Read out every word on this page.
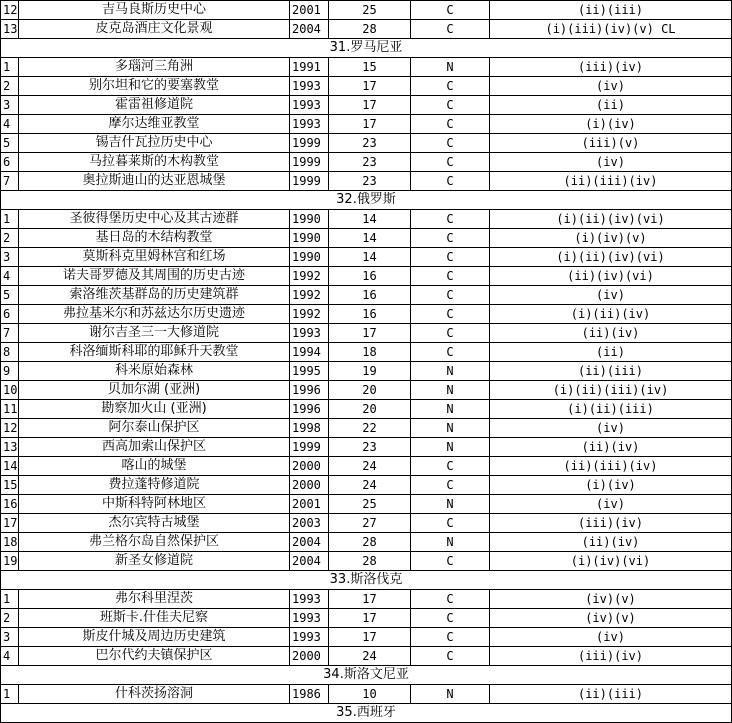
12	吉马良斯历史中心	2001	25	C	(ii)(iii)
13	皮克岛酒庄文化景观	2004	28	C	(i)(iii)(iv)(v) CL
31.罗马尼亚					
1	多瑙河三角洲	1991	15	N	(iii)(iv)
2	别尔坦和它的要塞教堂	1993	17	C	(iv)
3	霍雷祖修道院	1993	17	C	(ii)
4	摩尔达维亚教堂	1993	17	C	(i)(iv)
5	锡吉什瓦拉历史中心	1999	23	C	(iii)(v)
6	马拉暮莱斯的木构教堂	1999	23	C	(iv)
7	奥拉斯迪山的达亚恩城堡	1999	23	C	(ii)(iii)(iv)
32.俄罗斯					
1	圣彼得堡历史中心及其古迹群	1990	14	C	(i)(ii)(iv)(vi)
2	基日岛的木结构教堂	1990	14	C	(i)(iv)(v)
3	莫斯科克里姆林宫和红场	1990	14	C	(i)(ii)(iv)(vi)
4	诺夫哥罗德及其周围的历史古迹	1992	16	C	(ii)(iv)(vi)
5	索洛维茨基群岛的历史建筑群	1992	16	C	(iv)
6	弗拉基米尔和苏兹达尔历史遗迹	1992	16	C	(i)(ii)(iv)
7	谢尔吉圣三一大修道院	1993	17	C	(ii)(iv)
8	科洛缅斯科耶的耶稣升天教堂	1994	18	C	(ii)
9	科米原始森林	1995	19	N	(ii)(iii)
10	贝加尔湖 (亚洲)	1996	20	N	(i)(ii)(iii)(iv)
11	勘察加火山 (亚洲)	1996	20	N	(i)(ii)(iii)
12	阿尔泰山保护区	1998	22	N	(iv)
13	西高加索山保护区	1999	23	N	(ii)(iv)
14	喀山的城堡	2000	24	C	(ii)(iii)(iv)
15	费拉蓬特修道院	2000	24	C	(i)(iv)
16	中斯科特阿林地区	2001	25	N	(iv)
17	杰尔宾特古城堡	2003	27	C	(iii)(iv)
18	弗兰格尔岛自然保护区	2004	28	N	(ii)(iv)
19	新圣女修道院	2004	28	C	(i)(iv)(vi)
33.斯洛伐克					
1	弗尔科里涅茨	1993	17	C	(iv)(v)
2	班斯卡.什佳夫尼察	1993	17	C	(iv)(v)
3	斯皮什城及周边历史建筑	1993	17	C	(iv)
4	巴尔代约夫镇保护区	2000	24	C	(iii)(iv)
34.斯洛文尼亚					
1	什科茨扬溶洞	1986	10	N	(ii)(iii)
35.西班牙					
